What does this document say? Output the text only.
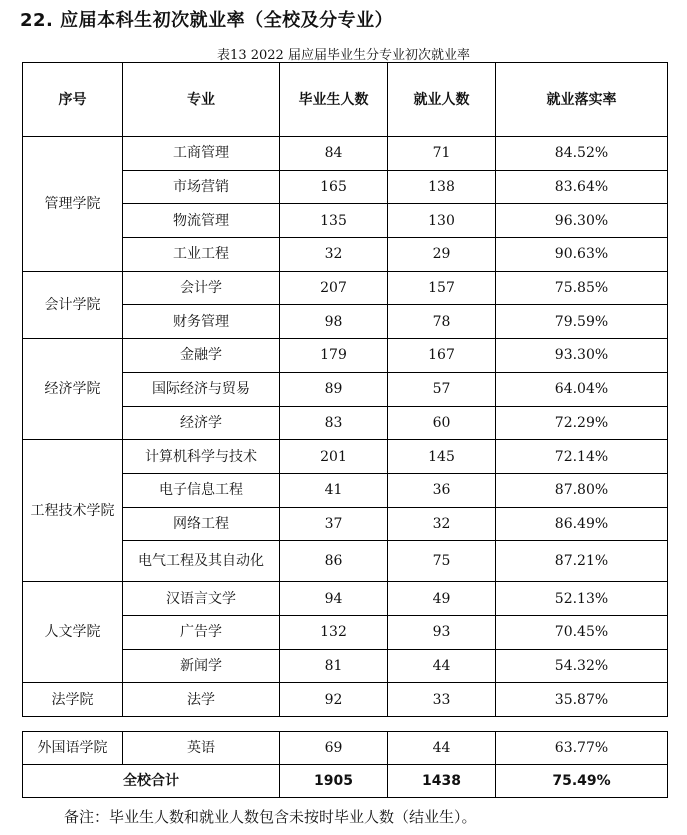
22. 应届本科生初次就业率（全校及分专业）
表13 2022 届应届毕业生分专业初次就业率
序号	专业	毕业生人数	就业人数	就业落实率
管理学院	工商管理	84	71	84.52%
	市场营销	165	138	83.64%
	物流管理	135	130	96.30%
	工业工程	32	29	90.63%
会计学院	会计学	207	157	75.85%
	财务管理	98	78	79.59%
经济学院	金融学	179	167	93.30%
	国际经济与贸易	89	57	64.04%
	经济学	83	60	72.29%
工程技术学院	计算机科学与技术	201	145	72.14%
	电子信息工程	41	36	87.80%
	网络工程	37	32	86.49%
	电气工程及其自动化	86	75	87.21%
人文学院	汉语言文学	94	49	52.13%
	广告学	132	93	70.45%
	新闻学	81	44	54.32%
法学院	法学	92	33	35.87%
外国语学院	英语	69	44	63.77%
全校合计		1905	1438	75.49%
备注：毕业生人数和就业人数包含未按时毕业人数（结业生）。
